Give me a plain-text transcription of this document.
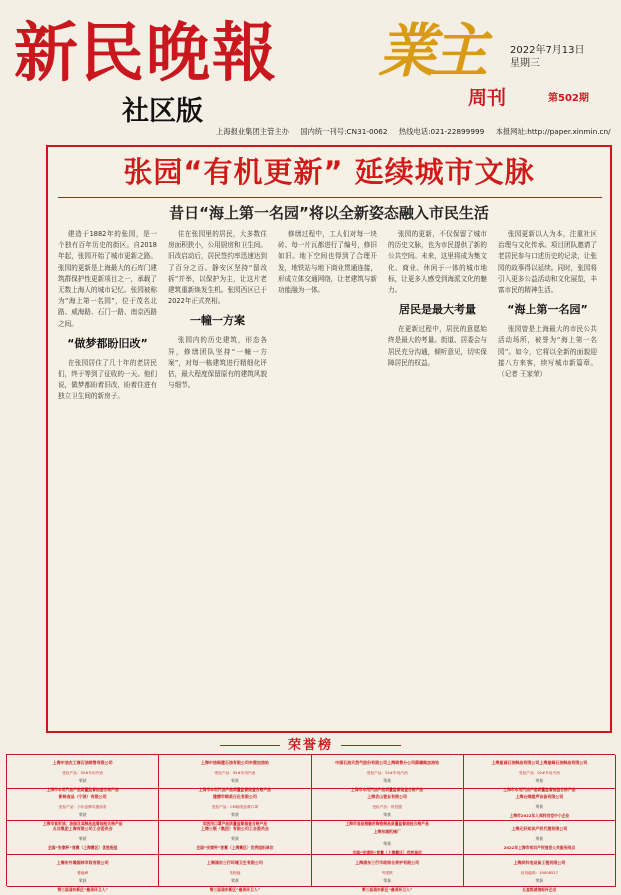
新民晚報
社区版
業主
周刊	第502期
2022年7月13日
星期三
上海报业集团主管主办 国内统一刊号:CN31-0062 热线电话:021-22899999 本报网址:http://paper.xinmin.cn/
张园“有机更新” 延续城市文脉
昔日“海上第一名园”将以全新姿态融入市民生活

建造于1882年的张园，是一个独有百年历史的街区。自2018年起，张园开始了城市更新之路。张园的更新是上海最大的石库门建筑群保护性更新项目之一，承载了无数上海人的城市记忆。张园被称为“海上第一名园”，位于茂名北路、威海路、石门一路、南京西路之间。

“做梦都盼旧改”

在张园居住了几十年的老居民们，终于等到了征收的一天。他们说，做梦都盼着旧改，盼着住进有独立卫生间的新房子。

住在张园里的居民，大多数住房面积狭小，公用厨房和卫生间。旧改启动后，居民签约率迅速达到了百分之百。静安区坚持“留改拆”并举，以保护为主，让这片老建筑重新焕发生机。张园西区已于2022年正式亮相。

一幢一方案

张园内的历史建筑，形态各异，修缮团队坚持“一幢一方案”，对每一栋建筑进行精细化评估，最大程度保留原有的建筑风貌与细节。

修缮过程中，工人们对每一块砖、每一片瓦都进行了编号，修旧如旧。地下空间也得到了合理开发，地铁站与地下商业贯通连接，形成立体交通网络，让老建筑与新功能融为一体。

张园的更新，不仅保留了城市的历史文脉，也为市民提供了新的公共空间。未来，这里将成为集文化、商业、休闲于一体的城市地标，让更多人感受到海派文化的魅力。

居民是最大考量

在更新过程中，居民的意愿始终是最大的考量。街道、居委会与居民充分沟通，倾听意见，切实保障居民的权益。

张园更新以人为本，注重社区治理与文化传承。项目团队邀请了老居民参与口述历史的记录，让张园的故事得以延续。同时，张园将引入更多公益活动和文化展览，丰富市民的精神生活。

“海上第一名园”

张园曾是上海最大的市民公共活动场所，被誉为“海上第一名园”。如今，它将以全新的面貌迎接八方来客，续写城市新篇章。（记者 王家荣）

荣誉榜
上海中油农工商石油销售有限公司
受检产品：92#车用汽油
荣获
上海市车用汽油产品质量监督抽查合格产品
上海中油闽建石油有限公司申港加油站
受检产品：92#车用汽油
荣获
上海市车用汽油产品质量监督抽查合格产品
中国石油天然气股份有限公司上海销售分公司薛圃路加油站
受检产品：92#车用汽油
荣获
上海市车用汽油产品质量监督抽查合格产品
上海星诚石油制品有限公司上海星峰石油制品有限公司
受检产品：92#车用汽油
荣获
上海市车用汽油产品质量监督抽查合格产品
新畅食品（宁波）有限公司
受检产品：小年品牌鸡蛋面条
荣获
上海市食用油、油脂及其制品监督抽检合格产品
建德市朝美日化有限公司
受检产品：CM朝美品牌口罩
荣获
非医用口罩产品质量监督抽查合格产品
上海含山瓷业有限公司
受检产品：骨瓷器
荣获
上海市食品接触用陶瓷制品质量监督抽检合格产品
上海台姆超声设备有限公司
荣获
上海市2022年入库科技型中小企业
五谷集团上海有限公司工会委员会
荣获
全国“安康杯”竞赛（上海赛区）优胜班组
上海三联（集团）有限公司工会委员会
荣获
全国“安康杯”竞赛（上海赛区）优秀组织单位
上海东湖机械厂
荣获
全国“安康杯”竞赛（上海赛区）优胜单位
上海元好知识产权代理有限公司
荣获
2022年上海市知识产权信息公共服务网点
上海东外滩园林市政有限公司
曹毅峰
荣获
第三届浦东新区“最美环卫人”
上海浦东三行环境卫生有限公司
朱程毅
荣获
第三届浦东新区“最美环卫人”
上海浦东三行市政综合养护有限公司
劳建棋
荣获
第三届浦东新区“最美环卫人”
上海炽科电设备工程有限公司
信用编码：10008527
荣获
五星级诚信标杆企业
